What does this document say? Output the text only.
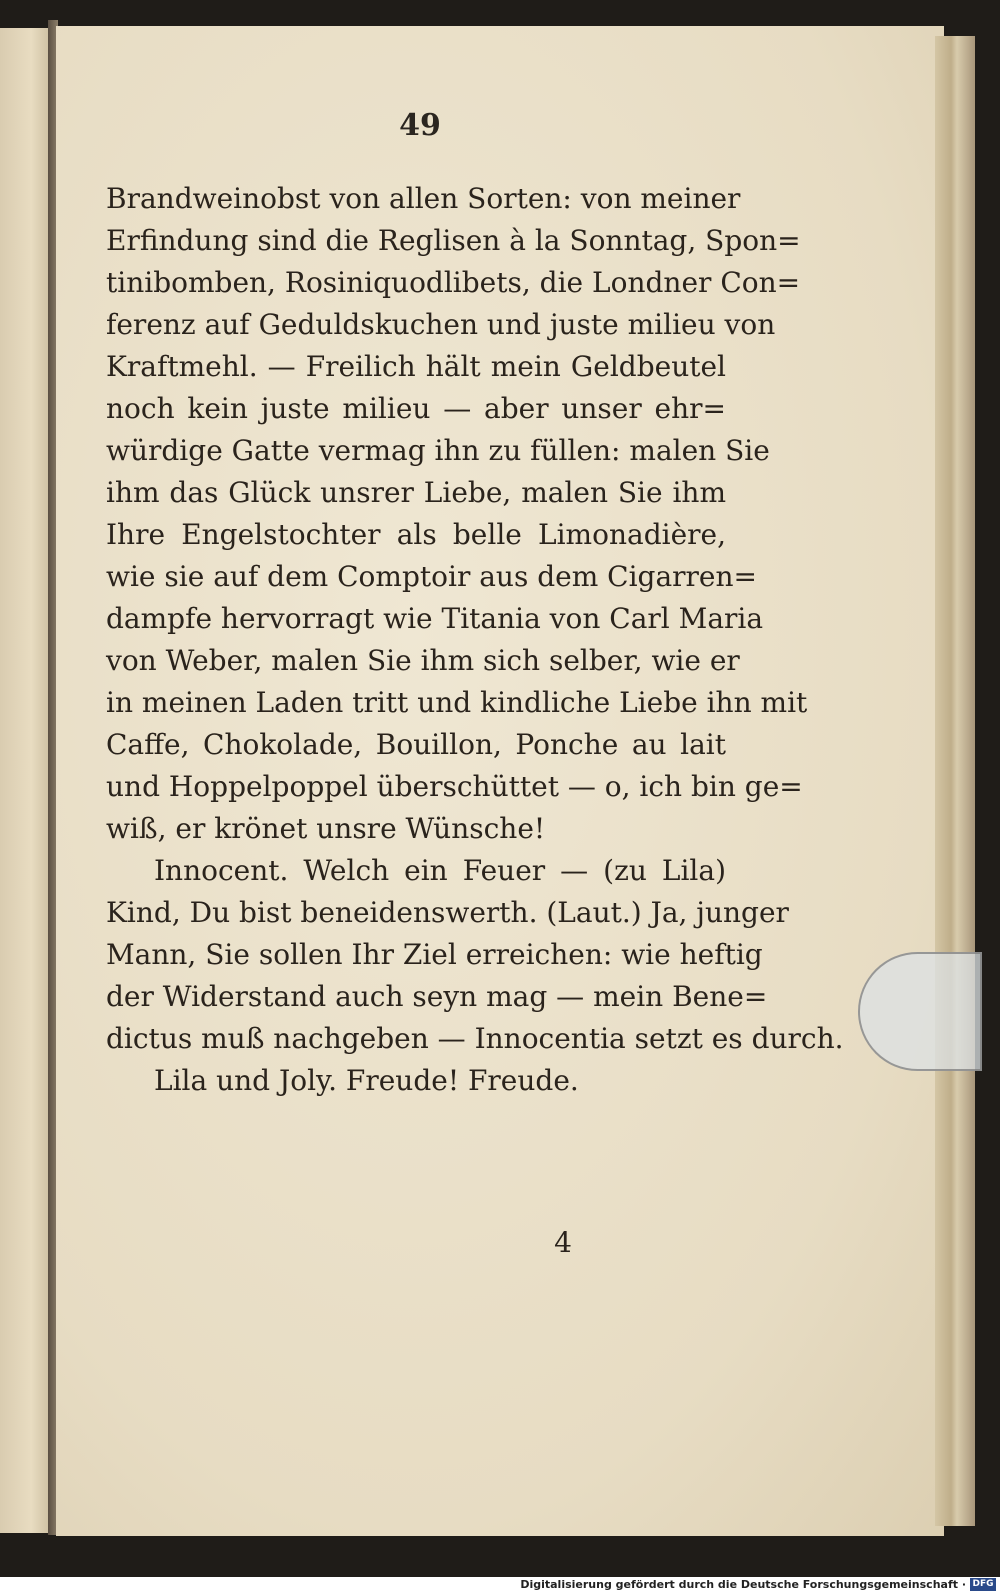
49
Brandweinobst von allen Sorten: von meiner
Erfindung sind die Reglisen à la Sonntag, Spon=
tinibomben, Rosiniquodlibets, die Londner Con=
ferenz auf Geduldskuchen und juste milieu von
Kraftmehl. — Freilich hält mein Geldbeutel
noch kein juste milieu — aber unser ehr=
würdige Gatte vermag ihn zu füllen: malen Sie
ihm das Glück unsrer Liebe, malen Sie ihm
Ihre Engelstochter als belle Limonadière,
wie sie auf dem Comptoir aus dem Cigarren=
dampfe hervorragt wie Titania von Carl Maria
von Weber, malen Sie ihm sich selber, wie er
in meinen Laden tritt und kindliche Liebe ihn mit
Caffe, Chokolade, Bouillon, Ponche au lait
und Hoppelpoppel überschüttet — o, ich bin ge=
wiß, er krönet unsre Wünsche!
Innocent. Welch ein Feuer — (zu Lila)
Kind, Du bist beneidenswerth. (Laut.) Ja, junger
Mann, Sie sollen Ihr Ziel erreichen: wie heftig
der Widerstand auch seyn mag — mein Bene=
dictus muß nachgeben — Innocentia setzt es durch.
Lila und Joly. Freude! Freude.
4
Digitalisierung gefördert durch die Deutsche Forschungsgemeinschaft · DFG
